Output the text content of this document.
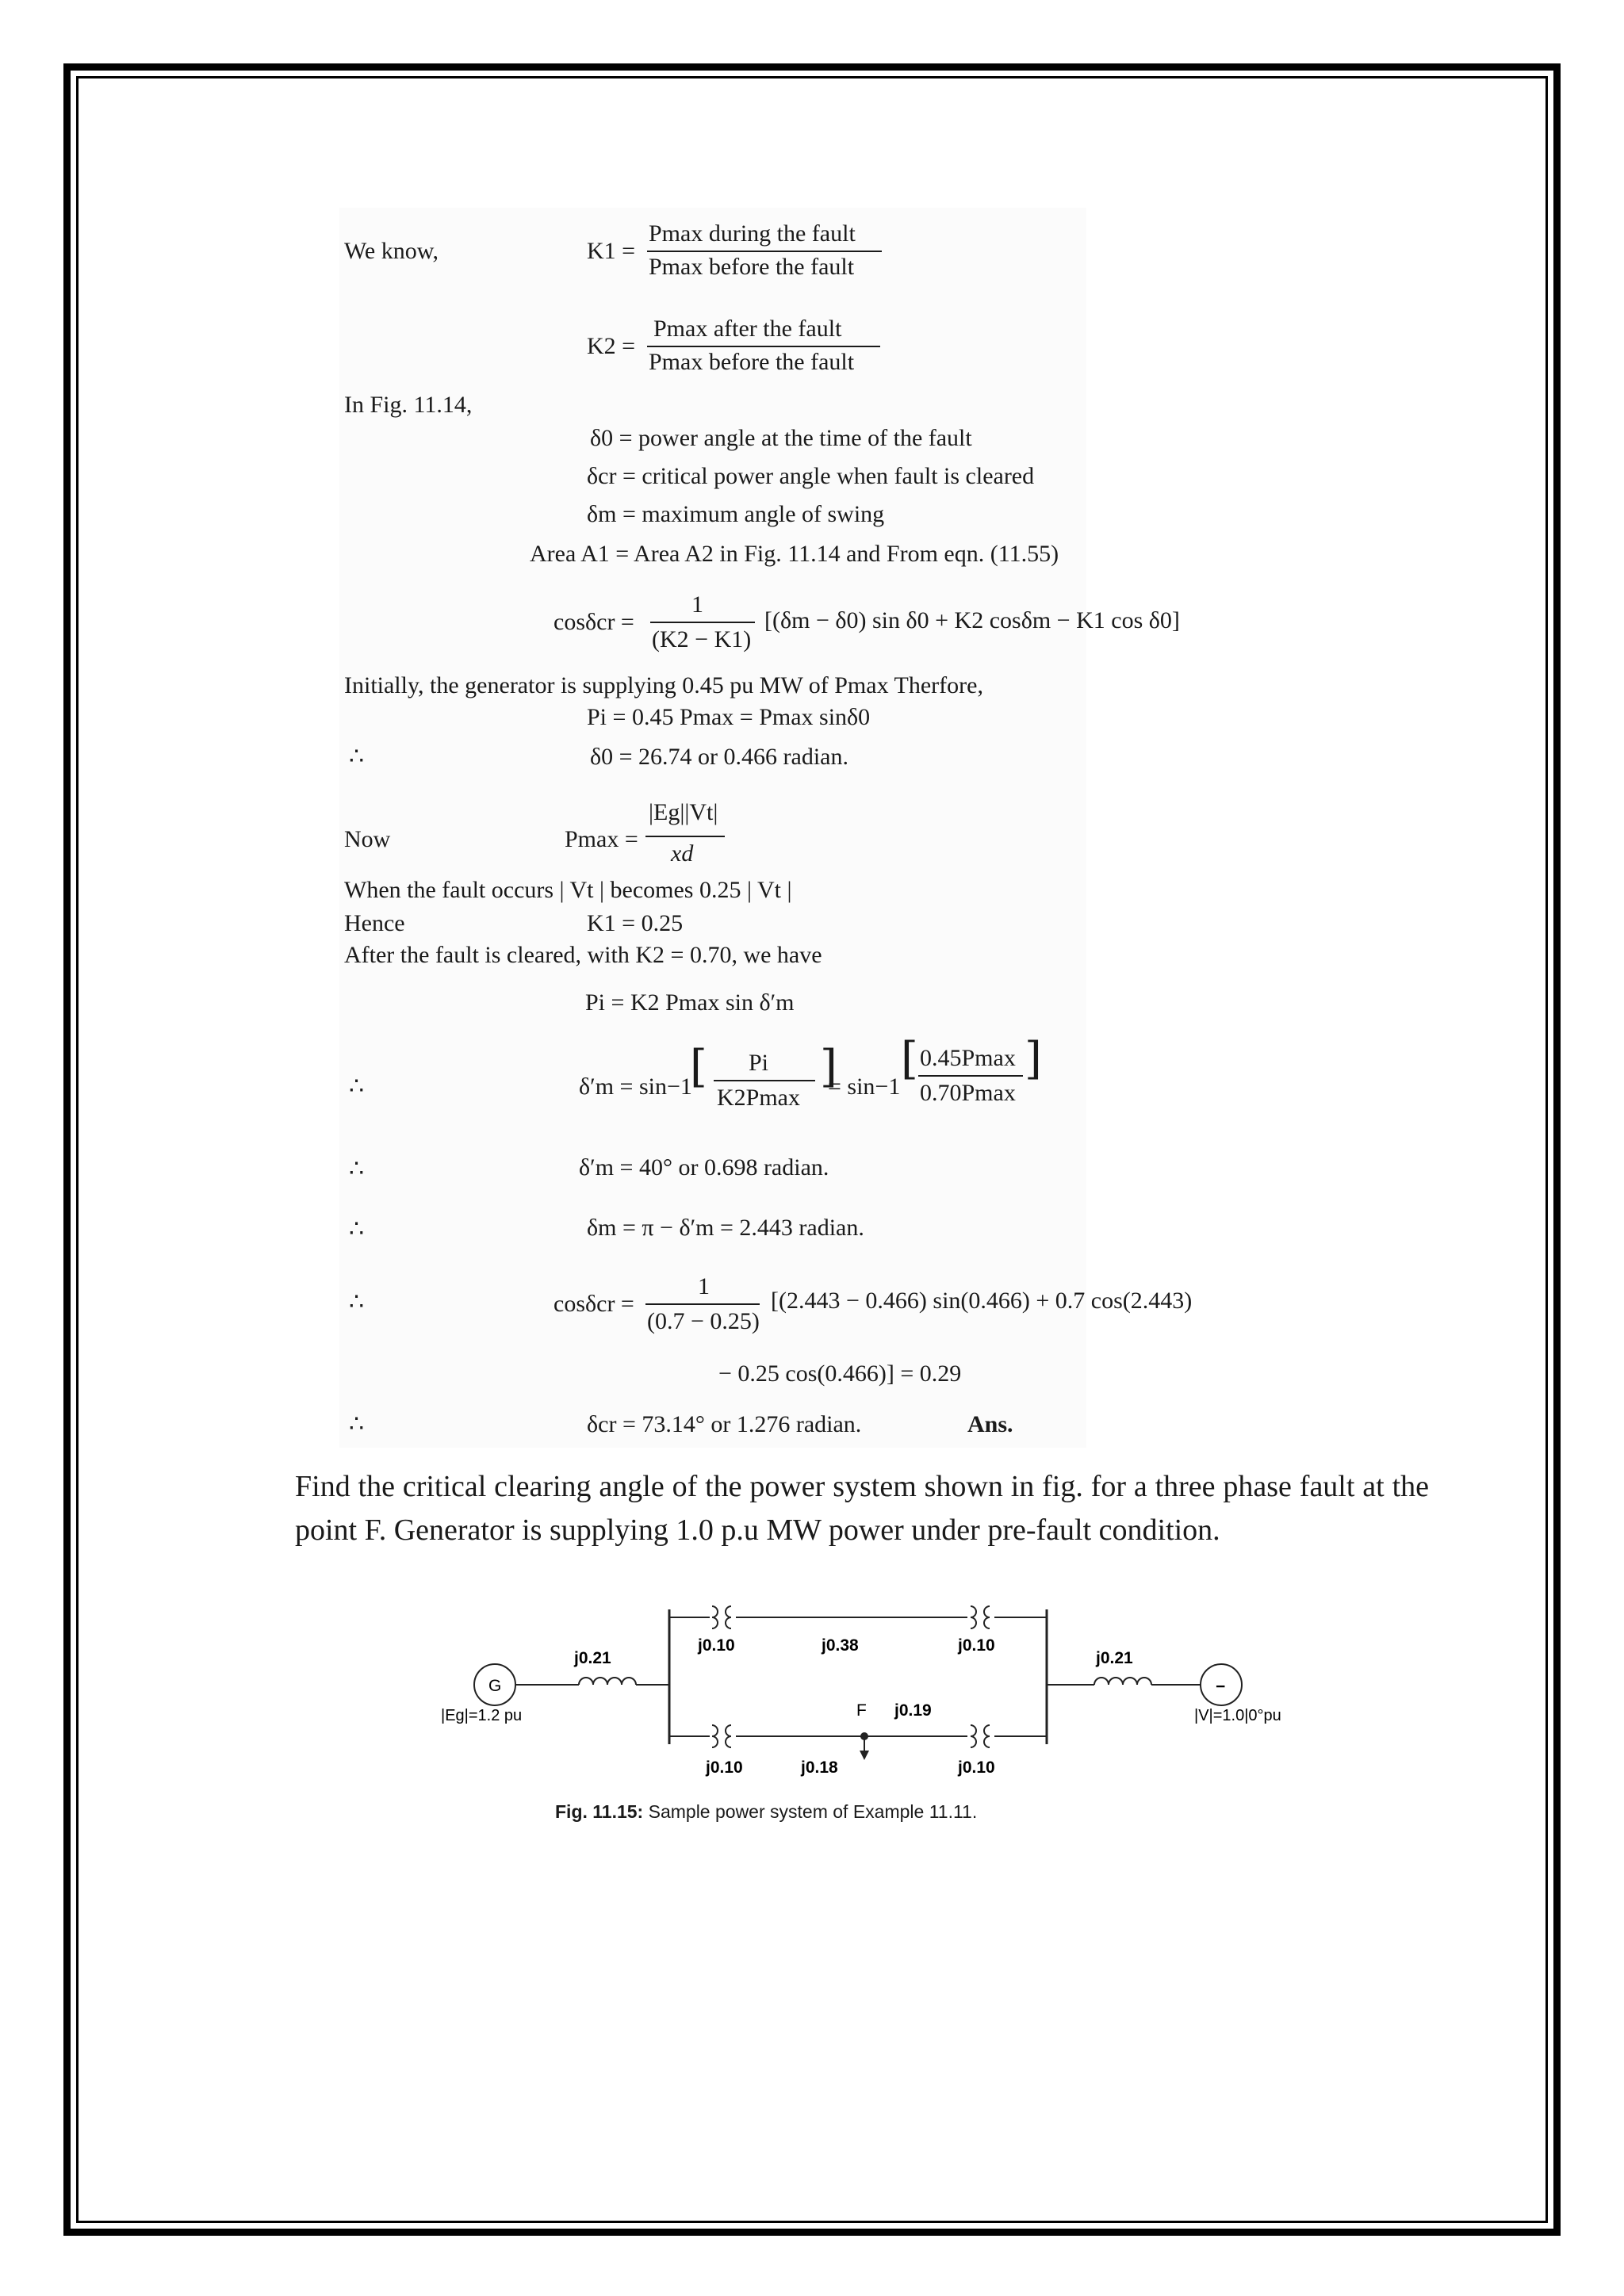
We know,	K1 =
Pmax during the fault
Pmax before the fault
K2 =
Pmax after the fault
Pmax before the fault
In Fig. 11.14,
δ0 = power angle at the time of the fault
δcr = critical power angle when fault is cleared
δm = maximum angle of swing
Area A1 = Area A2 in Fig. 11.14 and From eqn. (11.55)
cosδcr =
1
(K2 − K1)
[(δm − δ0) sin δ0 + K2 cosδm − K1 cos δ0]
Initially, the generator is supplying 0.45 pu MW of Pmax Therfore,
Pi = 0.45 Pmax = Pmax sinδ0
∴	δ0 = 26.74 or 0.466 radian.
Now	Pmax =
|Eg||Vt|
xd
When the fault occurs | Vt | becomes 0.25 | Vt |
Hence	K1 = 0.25
After the fault is cleared, with K2 = 0.70, we have
Pi = K2 Pmax sin δ′m
∴	δ′m = sin−1
[ Pi
K2Pmax
]
= sin−1
[ 0.45Pmax
0.70Pmax
]
∴	δ′m = 40° or 0.698 radian.
∴	δm = π − δ′m = 2.443 radian.
∴	cosδcr =
1
(0.7 − 0.25)
[(2.443 − 0.466) sin(0.466) + 0.7 cos(2.443)
− 0.25 cos(0.466)] = 0.29
∴	δcr = 73.14° or 1.276 radian.	Ans.
Find the critical clearing angle of the power system shown in fig. for a three phase fault at the point F. Generator is supplying 1.0 p.u MW power under pre-fault condition.
G	−
|Eg|=1.2 pu	|V|=1.0|0°pu
j0.21	j0.21
j0.10	j0.38	j0.10
j0.10	j0.18
j0.19
j0.10
F
Fig. 11.15: Sample power system of Example 11.11.
